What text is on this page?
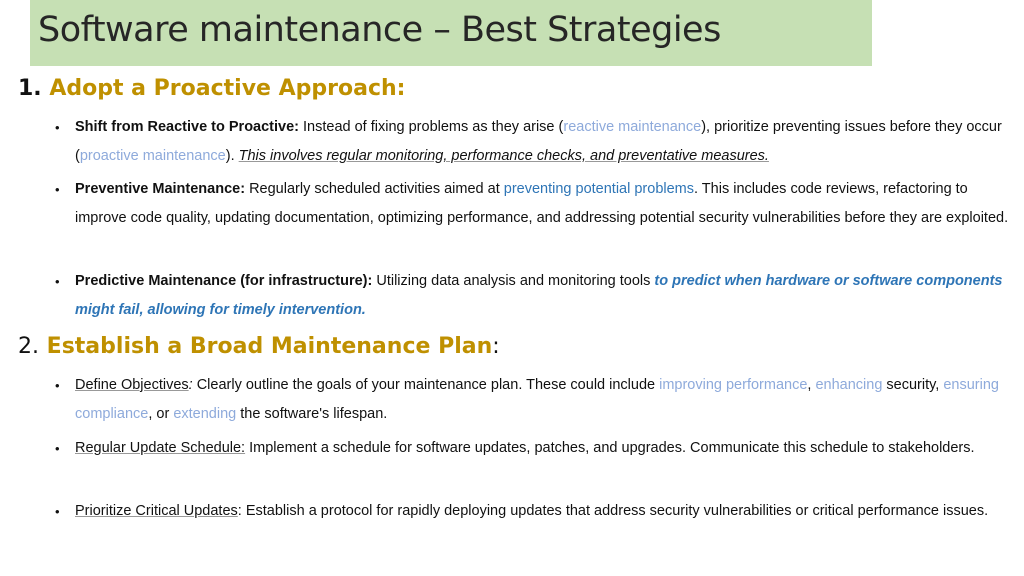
Software maintenance – Best Strategies
1. Adopt a Proactive Approach:
• Shift from Reactive to Proactive: Instead of fixing problems as they arise (reactive maintenance), prioritize preventing issues before they occur (proactive maintenance). This involves regular monitoring, performance checks, and preventative measures.
• Preventive Maintenance: Regularly scheduled activities aimed at preventing potential problems. This includes code reviews, refactoring to improve code quality, updating documentation, optimizing performance, and addressing potential security vulnerabilities before they are exploited.
• Predictive Maintenance (for infrastructure): Utilizing data analysis and monitoring tools to predict when hardware or software components might fail, allowing for timely intervention.
2. Establish a Broad Maintenance Plan:
• Define Objectives: Clearly outline the goals of your maintenance plan. These could include improving performance, enhancing security, ensuring compliance, or extending the software's lifespan.
• Regular Update Schedule: Implement a schedule for software updates, patches, and upgrades. Communicate this schedule to stakeholders.
• Prioritize Critical Updates: Establish a protocol for rapidly deploying updates that address security vulnerabilities or critical performance issues.
